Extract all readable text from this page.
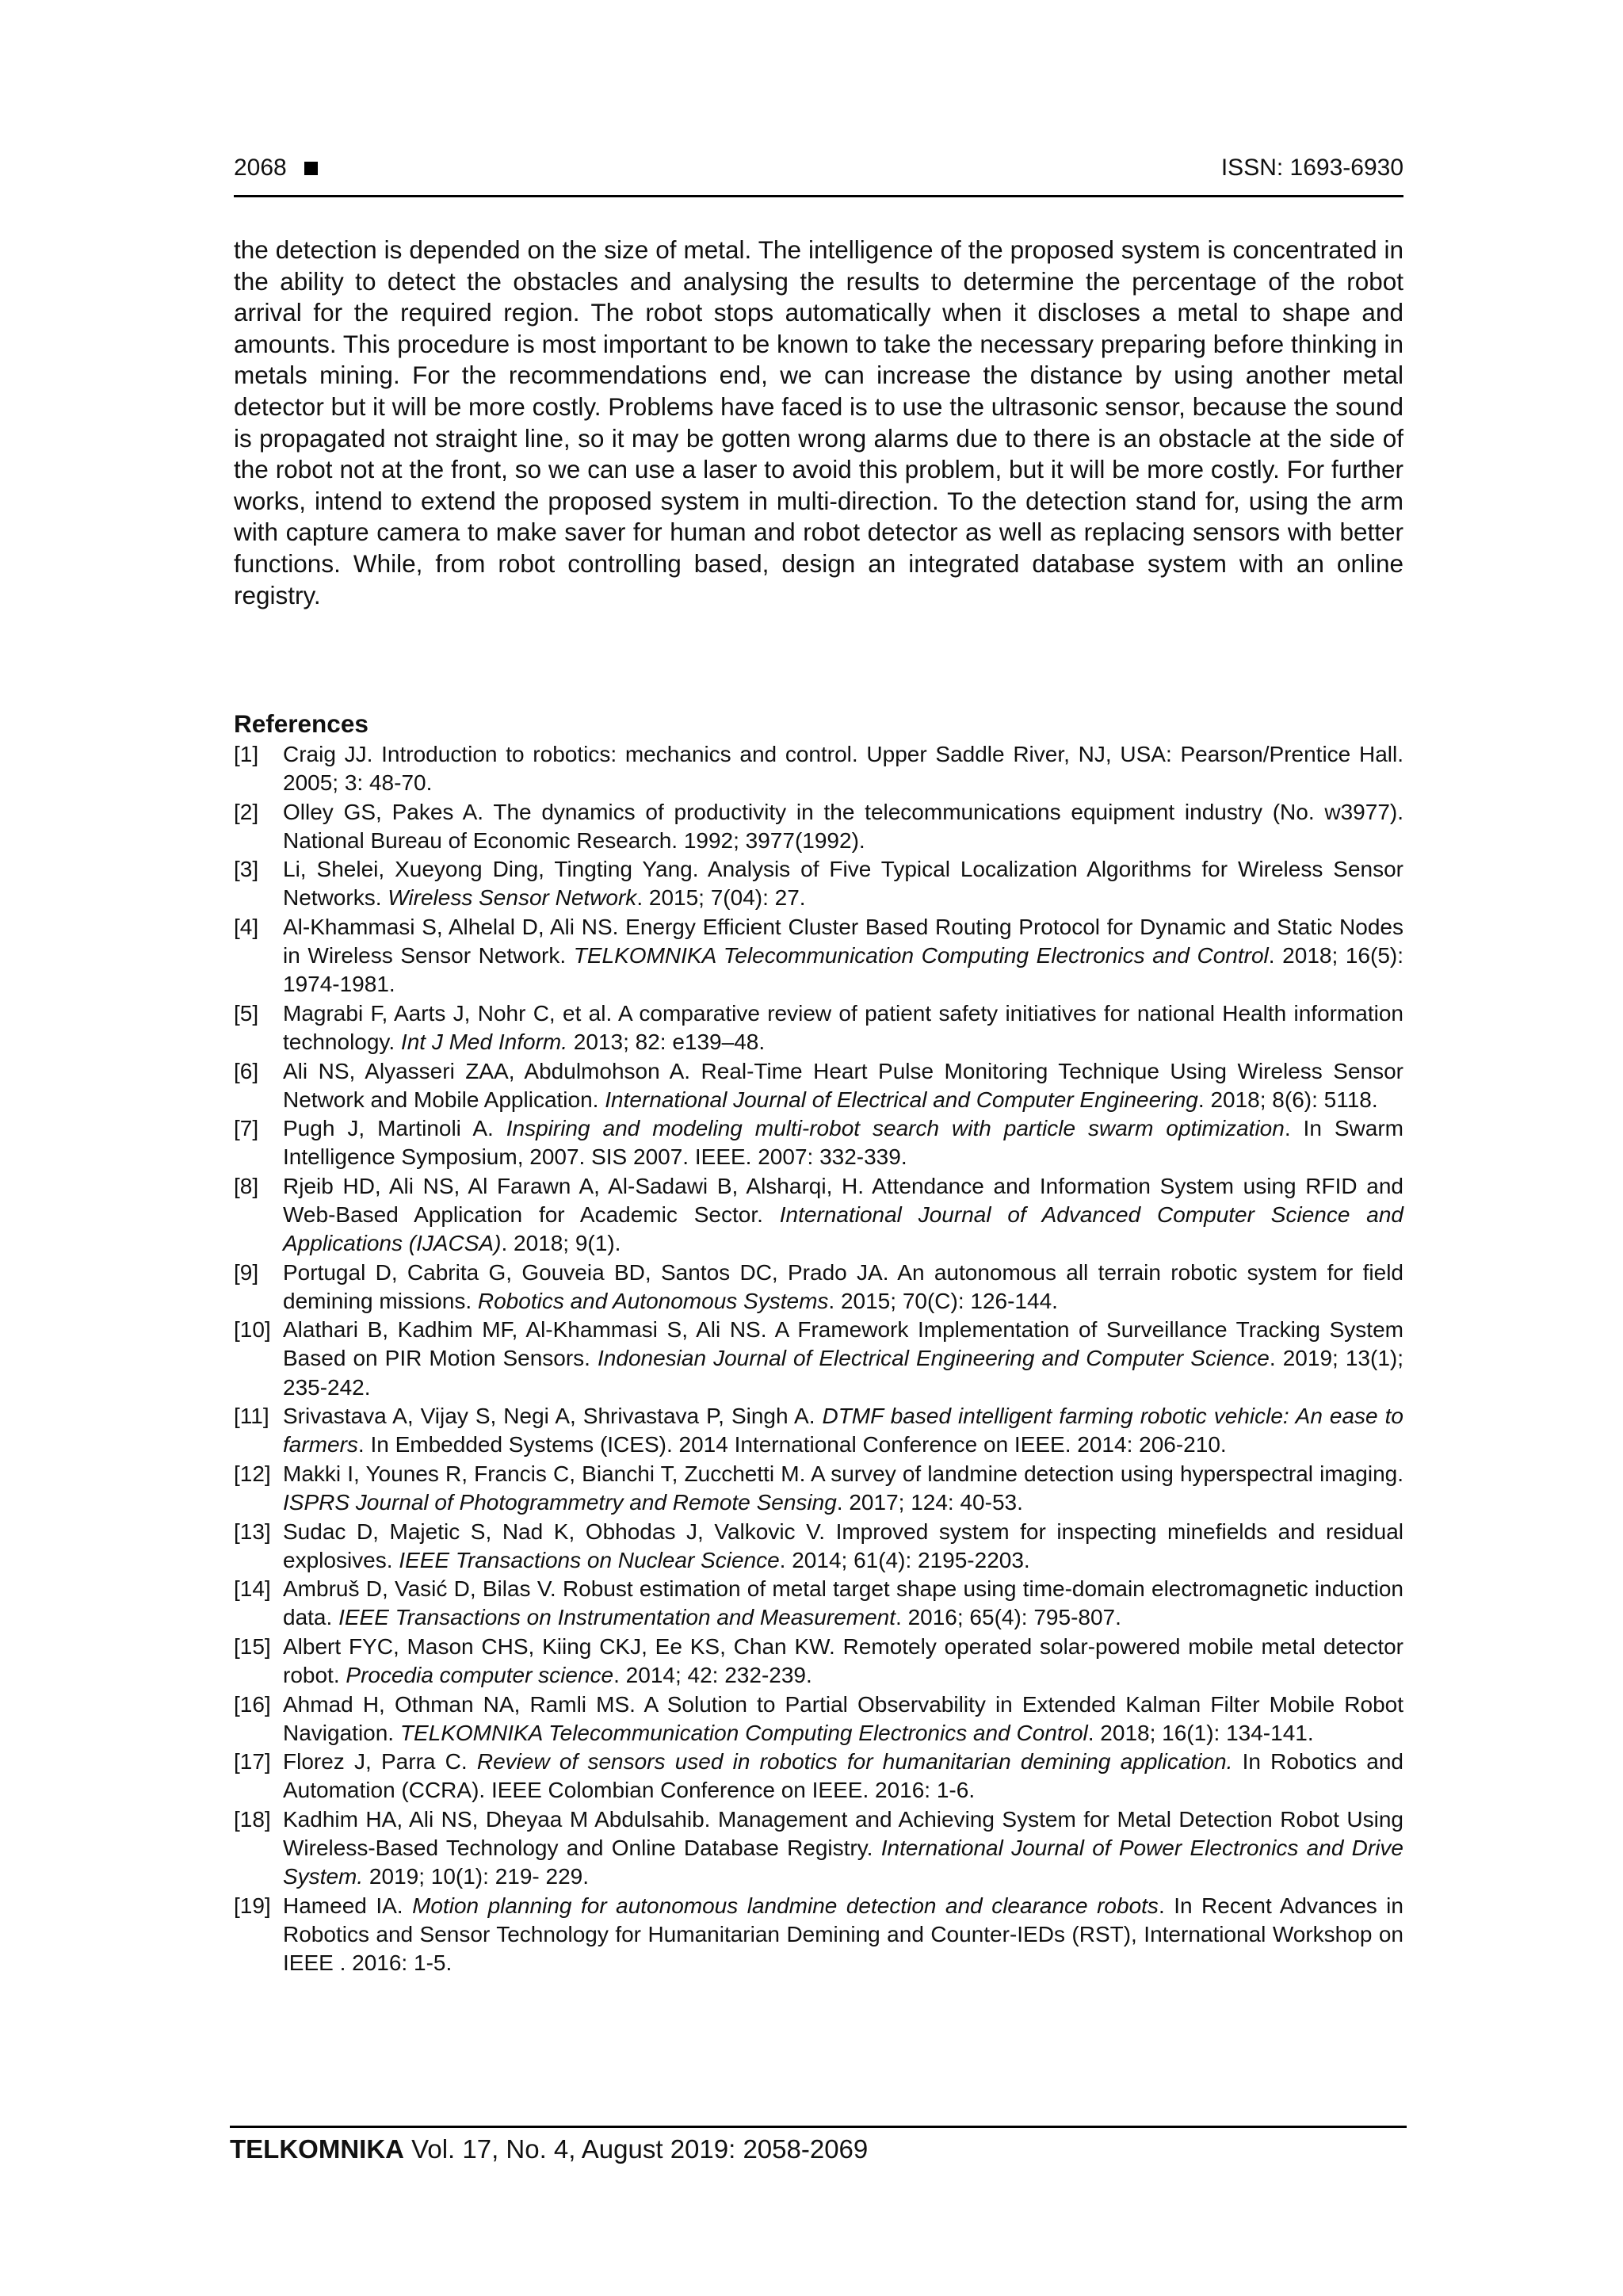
2068	ISSN: 1693-6930

the detection is depended on the size of metal. The intelligence of the proposed system is concentrated in the ability to detect the obstacles and analysing the results to determine the percentage of the robot arrival for the required region. The robot stops automatically when it discloses a metal to shape and amounts. This procedure is most important to be known to take the necessary preparing before thinking in metals mining. For the recommendations end, we can increase the distance by using another metal detector but it will be more costly. Problems have faced is to use the ultrasonic sensor, because the sound is propagated not straight line, so it may be gotten wrong alarms due to there is an obstacle at the side of the robot not at the front, so we can use a laser to avoid this problem, but it will be more costly. For further works, intend to extend the proposed system in multi-direction. To the detection stand for, using the arm with capture camera to make saver for human and robot detector as well as replacing sensors with better functions. While, from robot controlling based, design an integrated database system with an online registry.

References
[1]	Craig JJ. Introduction to robotics: mechanics and control. Upper Saddle River, NJ, USA: Pearson/Prentice Hall. 2005; 3: 48-70.
[2]	Olley GS, Pakes A. The dynamics of productivity in the telecommunications equipment industry (No. w3977). National Bureau of Economic Research. 1992; 3977(1992).
[3]	Li, Shelei, Xueyong Ding, Tingting Yang. Analysis of Five Typical Localization Algorithms for Wireless Sensor Networks. Wireless Sensor Network. 2015; 7(04): 27.
[4]	Al-Khammasi S, Alhelal D, Ali NS. Energy Efficient Cluster Based Routing Protocol for Dynamic and Static Nodes in Wireless Sensor Network. TELKOMNIKA Telecommunication Computing Electronics and Control. 2018; 16(5): 1974-1981.
[5]	Magrabi F, Aarts J, Nohr C, et al. A comparative review of patient safety initiatives for national Health information technology. Int J Med Inform. 2013; 82: e139–48.
[6]	Ali NS, Alyasseri ZAA, Abdulmohson A. Real-Time Heart Pulse Monitoring Technique Using Wireless Sensor Network and Mobile Application. International Journal of Electrical and Computer Engineering. 2018; 8(6): 5118.
[7]	Pugh J, Martinoli A. Inspiring and modeling multi-robot search with particle swarm optimization. In Swarm Intelligence Symposium, 2007. SIS 2007. IEEE. 2007: 332-339.
[8]	Rjeib HD, Ali NS, Al Farawn A, Al-Sadawi B, Alsharqi, H. Attendance and Information System using RFID and Web-Based Application for Academic Sector. International Journal of Advanced Computer Science and Applications (IJACSA). 2018; 9(1).
[9]	Portugal D, Cabrita G, Gouveia BD, Santos DC, Prado JA. An autonomous all terrain robotic system for field demining missions. Robotics and Autonomous Systems. 2015; 70(C): 126-144.
[10] Alathari B, Kadhim MF, Al-Khammasi S, Ali NS. A Framework Implementation of Surveillance Tracking System Based on PIR Motion Sensors. Indonesian Journal of Electrical Engineering and Computer Science. 2019; 13(1); 235-242.
[11] Srivastava A, Vijay S, Negi A, Shrivastava P, Singh A. DTMF based intelligent farming robotic vehicle: An ease to farmers. In Embedded Systems (ICES). 2014 International Conference on IEEE. 2014: 206-210.
[12] Makki I, Younes R, Francis C, Bianchi T, Zucchetti M. A survey of landmine detection using hyperspectral imaging. ISPRS Journal of Photogrammetry and Remote Sensing. 2017; 124: 40-53.
[13] Sudac D, Majetic S, Nad K, Obhodas J, Valkovic V. Improved system for inspecting minefields and residual explosives. IEEE Transactions on Nuclear Science. 2014; 61(4): 2195-2203.
[14] Ambruš D, Vasić D, Bilas V. Robust estimation of metal target shape using time-domain electromagnetic induction data. IEEE Transactions on Instrumentation and Measurement. 2016; 65(4): 795-807.
[15] Albert FYC, Mason CHS, Kiing CKJ, Ee KS, Chan KW. Remotely operated solar-powered mobile metal detector robot. Procedia computer science. 2014; 42: 232-239.
[16] Ahmad H, Othman NA, Ramli MS. A Solution to Partial Observability in Extended Kalman Filter Mobile Robot Navigation. TELKOMNIKA Telecommunication Computing Electronics and Control. 2018; 16(1): 134-141.
[17] Florez J, Parra C. Review of sensors used in robotics for humanitarian demining application. In Robotics and Automation (CCRA). IEEE Colombian Conference on IEEE. 2016: 1-6.
[18] Kadhim HA, Ali NS, Dheyaa M Abdulsahib. Management and Achieving System for Metal Detection Robot Using Wireless-Based Technology and Online Database Registry. International Journal of Power Electronics and Drive System. 2019; 10(1): 219- 229.
[19] Hameed IA. Motion planning for autonomous landmine detection and clearance robots. In Recent Advances in Robotics and Sensor Technology for Humanitarian Demining and Counter-IEDs (RST), International Workshop on IEEE . 2016: 1-5.
TELKOMNIKA Vol. 17, No. 4, August 2019: 2058-2069
